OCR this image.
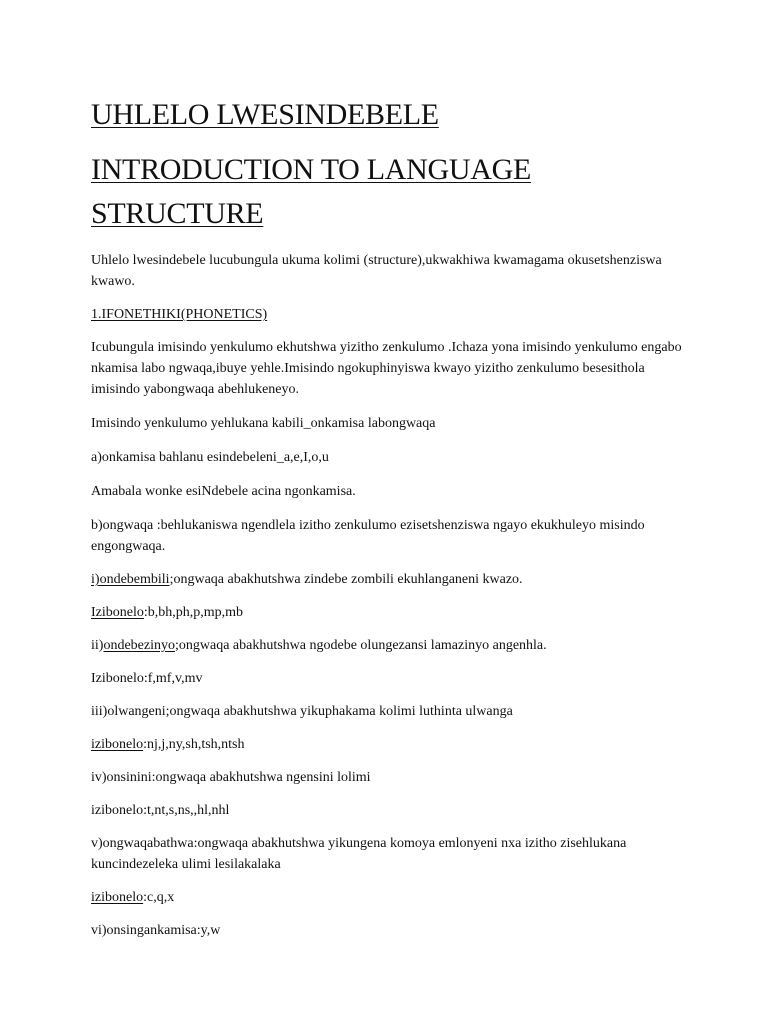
UHLELO LWESINDEBELE
INTRODUCTION TO LANGUAGE STRUCTURE

Uhlelo lwesindebele lucubungula ukuma kolimi (structure),ukwakhiwa kwamagama okusetshenziswa kwawo.

1.IFONETHIKI(PHONETICS)

Icubungula imisindo yenkulumo ekhutshwa yizitho zenkulumo .Ichaza yona imisindo yenkulumo engabo nkamisa labo ngwaqa,ibuye yehle.Imisindo ngokuphinyiswa kwayo yizitho zenkulumo besesithola imisindo yabongwaqa abehlukeneyo.

Imisindo yenkulumo yehlukana kabili_onkamisa labongwaqa

a)onkamisa bahlanu esindebeleni_a,e,I,o,u

Amabala wonke esiNdebele acina ngonkamisa.

b)ongwaqa :behlukaniswa ngendlela izitho zenkulumo ezisetshenziswa ngayo ekukhuleyo misindo engongwaqa.

i)ondebembili;ongwaqa abakhutshwa zindebe zombili ekuhlanganeni kwazo.

Izibonelo:b,bh,ph,p,mp,mb

ii)ondebezinyo;ongwaqa abakhutshwa ngodebe olungezansi lamazinyo angenhla.

Izibonelo:f,mf,v,mv

iii)olwangeni;ongwaqa abakhutshwa yikuphakama kolimi luthinta ulwanga

izibonelo:nj,j,ny,sh,tsh,ntsh

iv)onsinini:ongwaqa abakhutshwa ngensini lolimi

izibonelo:t,nt,s,ns,,hl,nhl

v)ongwaqabathwa:ongwaqa abakhutshwa yikungena komoya emlonyeni nxa izitho zisehlukana kuncindezeleka ulimi lesilakalaka

izibonelo:c,q,x

vi)onsingankamisa:y,w
